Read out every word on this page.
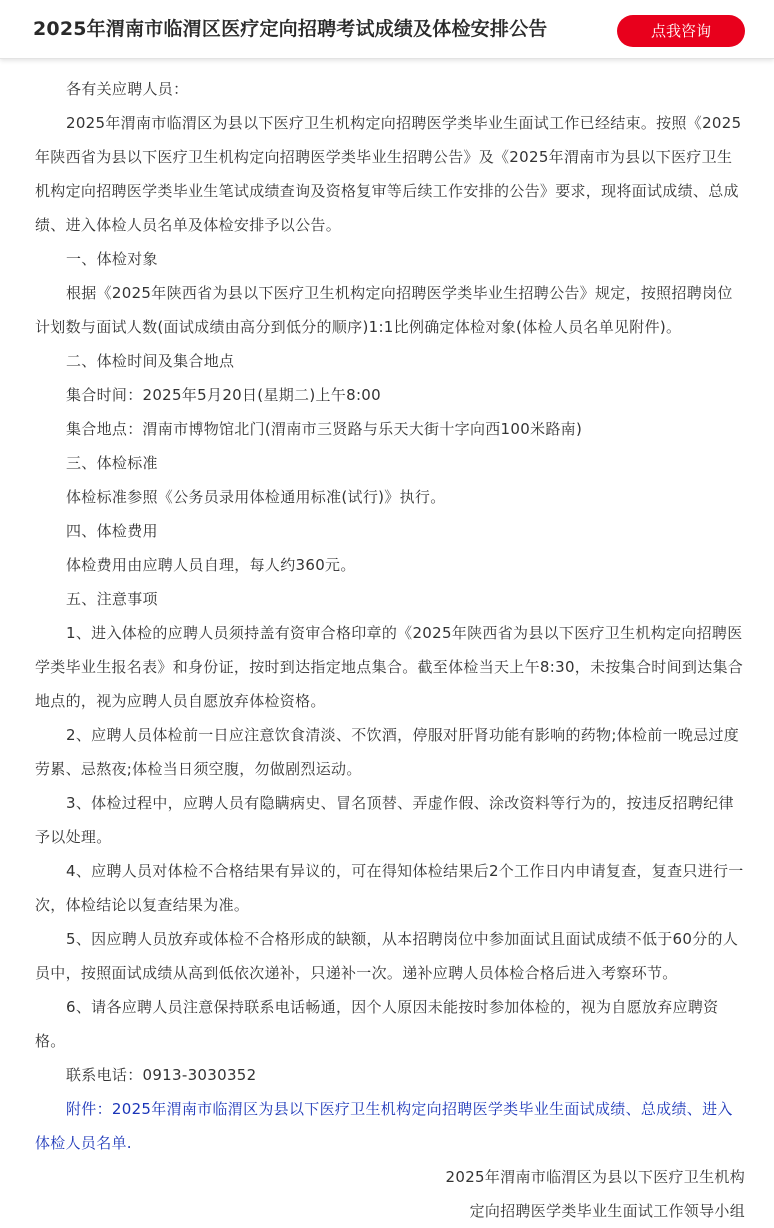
2025年渭南市临渭区医疗定向招聘考试成绩及体检安排公告	点我咨询

各有关应聘人员：

2025年渭南市临渭区为县以下医疗卫生机构定向招聘医学类毕业生面试工作已经结束。按照《2025年陕西省为县以下医疗卫生机构定向招聘医学类毕业生招聘公告》及《2025年渭南市为县以下医疗卫生机构定向招聘医学类毕业生笔试成绩查询及资格复审等后续工作安排的公告》要求，现将面试成绩、总成绩、进入体检人员名单及体检安排予以公告。

一、体检对象

根据《2025年陕西省为县以下医疗卫生机构定向招聘医学类毕业生招聘公告》规定，按照招聘岗位计划数与面试人数(面试成绩由高分到低分的顺序)1:1比例确定体检对象(体检人员名单见附件)。

二、体检时间及集合地点

集合时间：2025年5月20日(星期二)上午8:00

集合地点：渭南市博物馆北门(渭南市三贤路与乐天大街十字向西100米路南)

三、体检标准

体检标准参照《公务员录用体检通用标准(试行)》执行。

四、体检费用

体检费用由应聘人员自理，每人约360元。

五、注意事项

1、进入体检的应聘人员须持盖有资审合格印章的《2025年陕西省为县以下医疗卫生机构定向招聘医学类毕业生报名表》和身份证，按时到达指定地点集合。截至体检当天上午8:30，未按集合时间到达集合地点的，视为应聘人员自愿放弃体检资格。

2、应聘人员体检前一日应注意饮食清淡、不饮酒，停服对肝肾功能有影响的药物;体检前一晚忌过度劳累、忌熬夜;体检当日须空腹，勿做剧烈运动。

3、体检过程中，应聘人员有隐瞒病史、冒名顶替、弄虚作假、涂改资料等行为的，按违反招聘纪律予以处理。

4、应聘人员对体检不合格结果有异议的，可在得知体检结果后2个工作日内申请复查，复查只进行一次，体检结论以复查结果为准。

5、因应聘人员放弃或体检不合格形成的缺额，从本招聘岗位中参加面试且面试成绩不低于60分的人员中，按照面试成绩从高到低依次递补，只递补一次。递补应聘人员体检合格后进入考察环节。

6、请各应聘人员注意保持联系电话畅通，因个人原因未能按时参加体检的，视为自愿放弃应聘资格。

联系电话：0913-3030352

附件：2025年渭南市临渭区为县以下医疗卫生机构定向招聘医学类毕业生面试成绩、总成绩、进入体检人员名单.

2025年渭南市临渭区为县以下医疗卫生机构

定向招聘医学类毕业生面试工作领导小组
